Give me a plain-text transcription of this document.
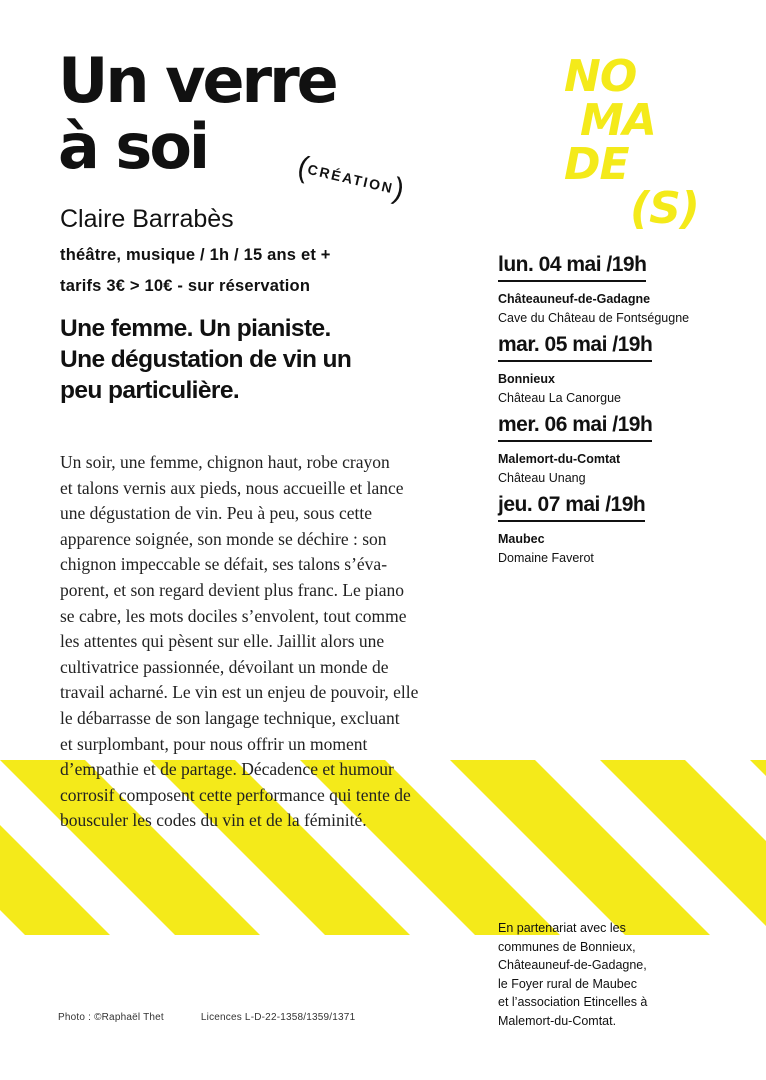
Un verre
à soi	(CRÉATION)
NO
MA
DE
(S)
Claire Barrabès
théâtre, musique / 1h / 15 ans et +
tarifs 3€ > 10€ - sur réservation
Une femme. Un pianiste.
Une dégustation de vin un
peu particulière.
Un soir, une femme, chignon haut, robe crayon
et talons vernis aux pieds, nous accueille et lance
une dégustation de vin. Peu à peu, sous cette
apparence soignée, son monde se déchire : son
chignon impeccable se défait, ses talons s’éva-
porent, et son regard devient plus franc. Le piano
se cabre, les mots dociles s’envolent, tout comme
les attentes qui pèsent sur elle. Jaillit alors une
cultivatrice passionnée, dévoilant un monde de
travail acharné. Le vin est un enjeu de pouvoir, elle
le débarrasse de son langage technique, excluant
et surplombant, pour nous offrir un moment
d’empathie et de partage. Décadence et humour
corrosif composent cette performance qui tente de
bousculer les codes du vin et de la féminité.
lun. 04 mai /19h
Châteauneuf-de-Gadagne
Cave du Château de Fontségugne
mar. 05 mai /19h
Bonnieux
Château La Canorgue
mer. 06 mai /19h
Malemort-du-Comtat
Château Unang
jeu. 07 mai /19h
Maubec
Domaine Faverot
En partenariat avec les
communes de Bonnieux,
Châteauneuf-de-Gadagne,
le Foyer rural de Maubec
et l’association Etincelles à
Malemort-du-Comtat.
Photo : ©Raphaël Thet	Licences L-D-22-1358/1359/1371
